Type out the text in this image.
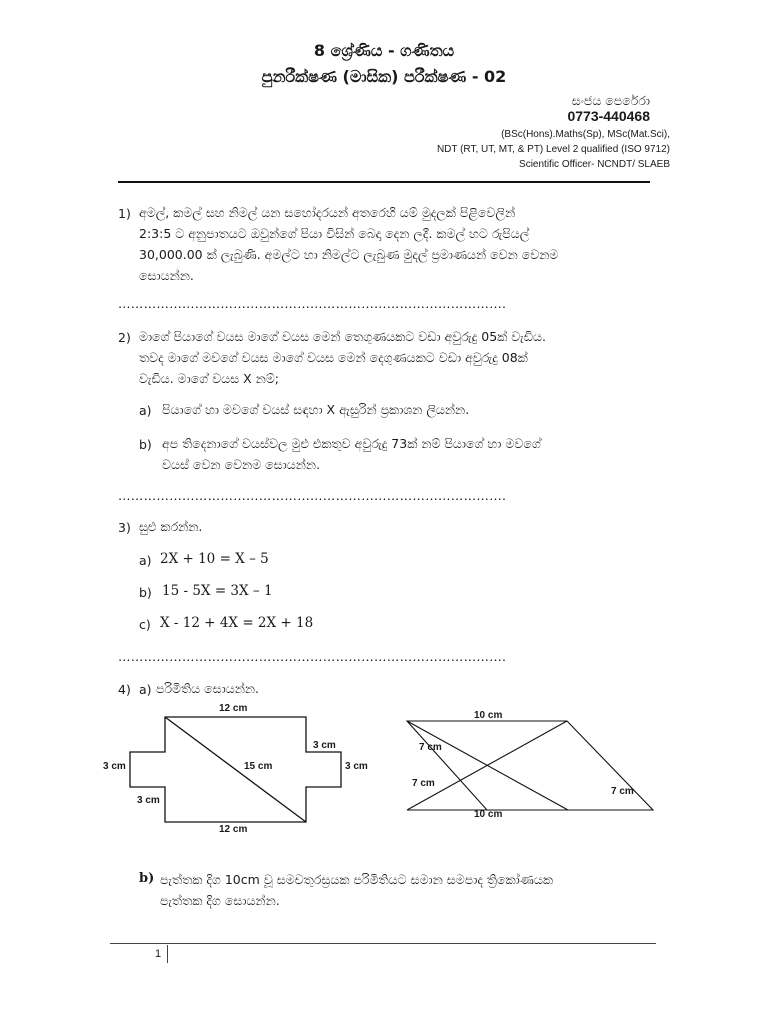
8 ශ්‍රේණිය - ගණිතය
පුනරීක්ෂණ (මාසික) පරීක්ෂණ - 02
සංජය පෙරේරා
0773-440468
(BSc(Hons).Maths(Sp), MSc(Mat.Sci),
NDT (RT, UT, MT, & PT) Level 2 qualified (ISO 9712)
Scientific Officer- NCNDT/ SLAEB
1) අමල්, කමල් සහ නිමල් යන සහෝදරයන් අතරෙහි යම් මුදලක් පිළිවෙලින්
2:3:5 ට අනුපාතයට ඔවුන්ගේ පියා විසින් බෙදා දෙන ලදී. කමල් හට රුපියල්
30,000.00 ක් ලැබුණි. අමල්ට හා නිමල්ට ලැබුණ මුදල් ප්‍රමාණයන් වෙන වෙනම
සොයන්න.
……………………………………………………………………………….
2) මාගේ පියාගේ වයස මාගේ වයස මෙන් තෙගුණයකට වඩා අවුරුදු 05ක් වැඩිය.
තවද මාගේ මවගේ වයස මාගේ වයස මෙන් දෙගුණයකට වඩා අවුරුදු 08ක්
වැඩිය. මාගේ වයස X නම්;
a) පියාගේ හා මවගේ වයස් සඳහා X ඇසුරින් ප්‍රකාශන ලියන්න.
b) අප තිදෙනාගේ වයස්වල මුළු එකතුව අවුරුදු 73ක් නම් පියාගේ හා මවගේ
වයස් වෙන වෙනම සොයන්න.
……………………………………………………………………………….
3) සුළු කරන්න.
a) 2X + 10 = X – 5
b) 15 - 5X = 3X – 1
c) X - 12 + 4X = 2X + 18
……………………………………………………………………………….
4) a) පරිමිතිය සොයන්න.
12 cm
3 cm
3 cm	15 cm	3 cm
3 cm
12 cm
10 cm
7 cm
7 cm
7 cm
10 cm
b) පැත්තක දිග 10cm වූ සමචතුරස්‍රයක පරිමිතියට සමාන සමපාද ත්‍රිකෝණයක
පැත්තක දිග සොයන්න.
1
